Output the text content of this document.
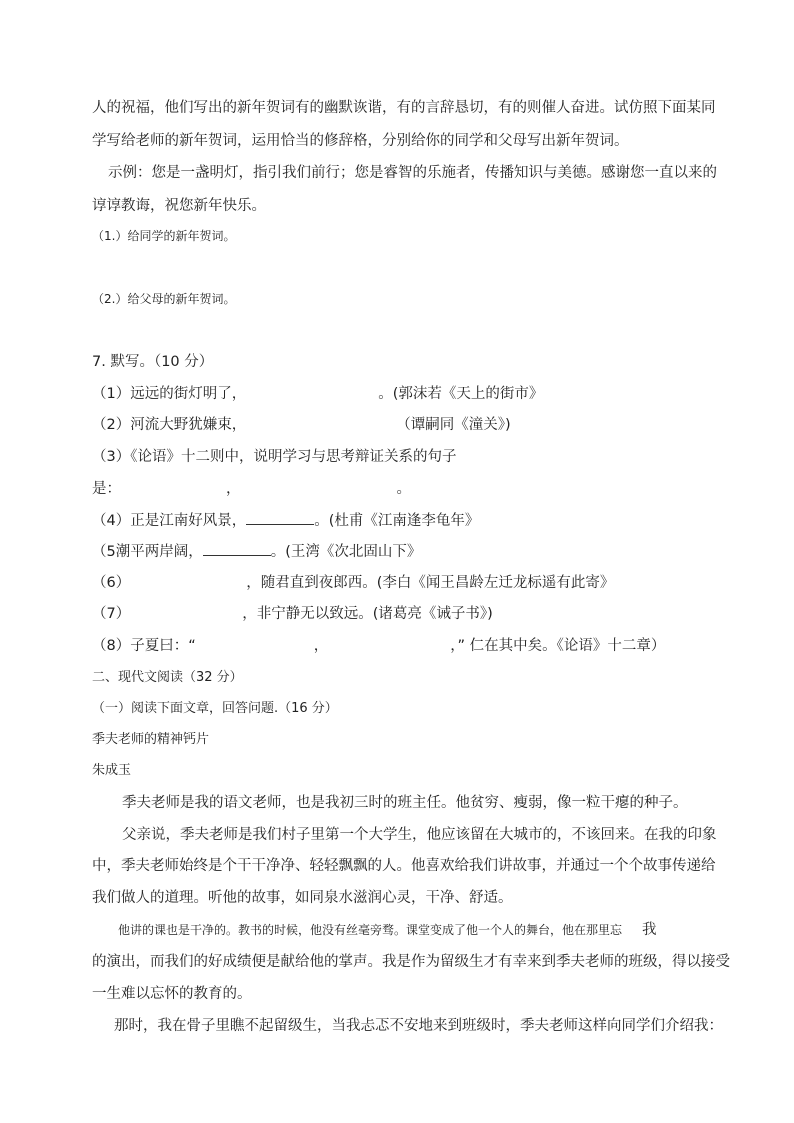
人的祝福，他们写出的新年贺词有的幽默诙谐，有的言辞恳切，有的则催人奋进。试仿照下面某同
学写给老师的新年贺词，运用恰当的修辞格，分别给你的同学和父母写出新年贺词。
示例：您是一盏明灯，指引我们前行；您是睿智的乐施者，传播知识与美德。感谢您一直以来的
谆谆教诲，祝您新年快乐。
（1.）给同学的新年贺词。
（2.）给父母的新年贺词。
7. 默写。（10 分）
（1）远远的街灯明了，	。(郭沫若《天上的街市》
（2）河流大野犹嫌束，	（谭嗣同《潼关》)
（3）《论语》十二则中，说明学习与思考辩证关系的句子
是：	，	。
（4）正是江南好风景，	。(杜甫《江南逢李龟年》
（5潮平两岸阔，	。(王湾《次北固山下》
（6）	，随君直到夜郎西。(李白《闻王昌龄左迁龙标遥有此寄》
（7）	，非宁静无以致远。(诸葛亮《诫子书》)
（8）子夏曰：“	，	，” 仁在其中矣。《论语》十二章）
二、现代文阅读（32 分）
（一）阅读下面文章，回答问题.（16 分）
季夫老师的精神钙片
朱成玉
季夫老师是我的语文老师，也是我初三时的班主任。他贫穷、瘦弱，像一粒干瘪的种子。
父亲说，季夫老师是我们村子里第一个大学生，他应该留在大城市的，不该回来。在我的印象
中，季夫老师始终是个干干净净、轻轻飘飘的人。他喜欢给我们讲故事，并通过一个个故事传递给
我们做人的道理。听他的故事，如同泉水滋润心灵，干净、舒适。
他讲的课也是干净的。教书的时候，他没有丝毫旁骛。课堂变成了他一个人的舞台，他在那里忘 我
的演出，而我们的好成绩便是献给他的掌声。我是作为留级生才有幸来到季夫老师的班级，得以接受
一生难以忘怀的教育的。
那时，我在骨子里瞧不起留级生，当我忐忑不安地来到班级时，季夫老师这样向同学们介绍我：
